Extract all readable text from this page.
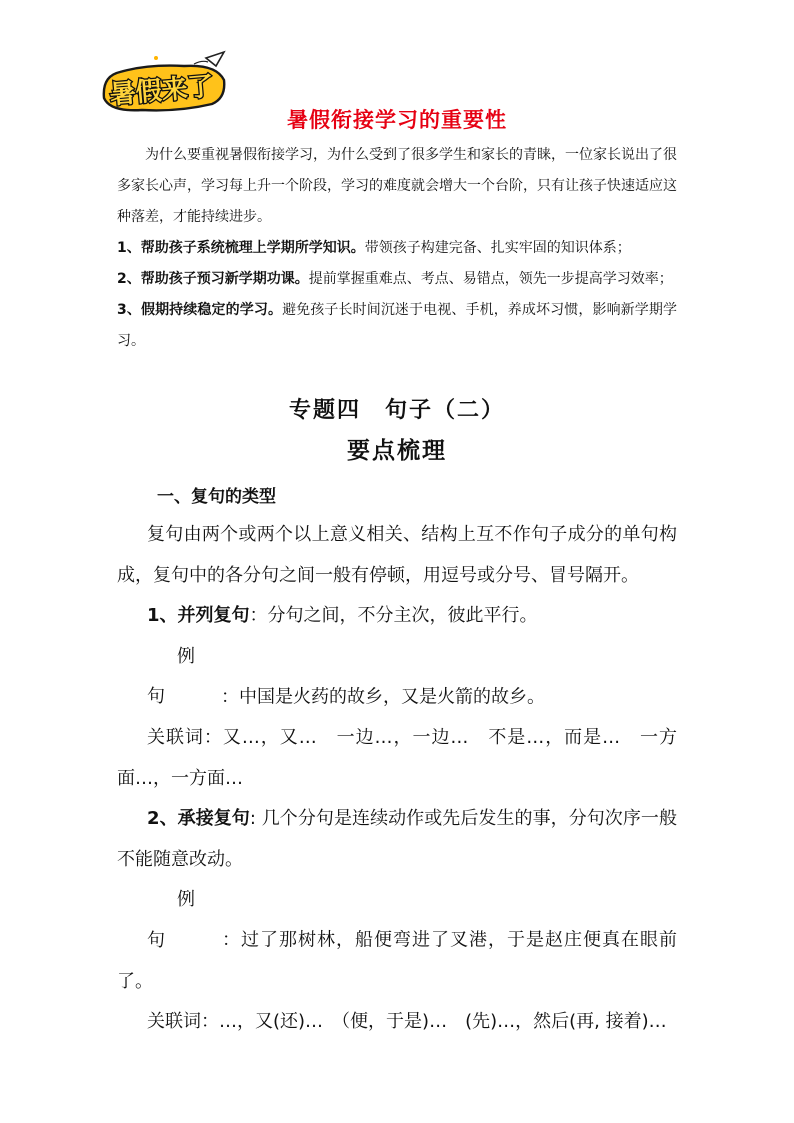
暑假来了
暑假衔接学习的重要性

为什么要重视暑假衔接学习，为什么受到了很多学生和家长的青睐，一位家长说出了很多家长心声，学习每上升一个阶段，学习的难度就会增大一个台阶，只有让孩子快速适应这种落差，才能持续进步。

1、帮助孩子系统梳理上学期所学知识。带领孩子构建完备、扎实牢固的知识体系；

2、帮助孩子预习新学期功课。提前掌握重难点、考点、易错点，领先一步提高学习效率；

3、假期持续稳定的学习。避免孩子长时间沉迷于电视、手机，养成坏习惯，影响新学期学习。

专题四　句子（二）
要点梳理
一、复句的类型

复句由两个或两个以上意义相关、结构上互不作句子成分的单句构成，复句中的各分句之间一般有停顿，用逗号或分号、冒号隔开。

1、并列复句：分句之间，不分主次，彼此平行。

例　　句	：中国是火药的故乡，又是火箭的故乡。

关联词：又…，又…　一边…，一边…　不是…，而是…　一方面…，一方面…

2、承接复句: 几个分句是连续动作或先后发生的事，分句次序一般不能随意改动。

例　　句	：过了那树林，船便弯进了叉港，于是赵庄便真在眼前了。

关联词：…，又(还)…　（便，于是)…　(先)…，然后(再, 接着)…
